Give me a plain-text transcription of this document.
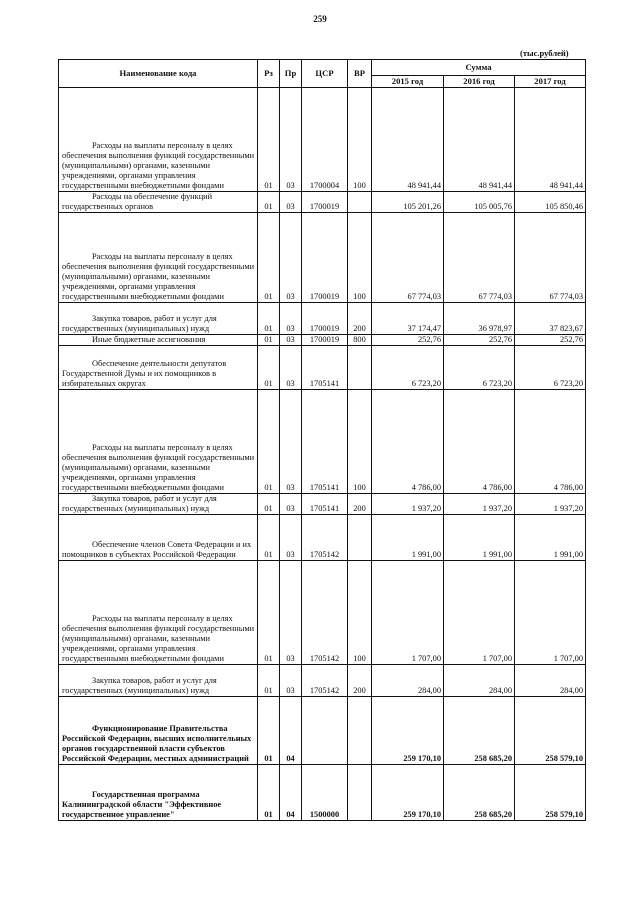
259
(тыс.рублей)
Наименование кода	Рз	Пр	ЦСР	ВР	Сумма		
					2015 год	2016 год	2017 год
Расходы на выплаты персоналу в целях обеспечения выполнения функций государственными (муниципальными) органами, казенными учреждениями, органами управления государственными внебюджетными фондами	01	03	1700004	100	48 941,44	48 941,44	48 941,44
Расходы на обеспечение функций государственных органов	01	03	1700019		105 201,26	105 005,76	105 850,46
Расходы на выплаты персоналу в целях обеспечения выполнения функций государственными (муниципальными) органами, казенными учреждениями, органами управления государственными внебюджетными фондами	01	03	1700019	100	67 774,03	67 774,03	67 774,03
Закупка товаров, работ и услуг для государственных (муниципальных) нужд	01	03	1700019	200	37 174,47	36 978,97	37 823,67
Иные бюджетные ассигнования	01	03	1700019	800	252,76	252,76	252,76
Обеспечение деятельности депутатов Государственной Думы и их помощников в избирательных округах	01	03	1705141		6 723,20	6 723,20	6 723,20
Расходы на выплаты персоналу в целях обеспечения выполнения функций государственными (муниципальными) органами, казенными учреждениями, органами управления государственными внебюджетными фондами	01	03	1705141	100	4 786,00	4 786,00	4 786,00
Закупка товаров, работ и услуг для государственных (муниципальных) нужд	01	03	1705141	200	1 937,20	1 937,20	1 937,20
Обеспечение членов Совета Федерации и их помощников в субъектах Российской Федерации	01	03	1705142		1 991,00	1 991,00	1 991,00
Расходы на выплаты персоналу в целях обеспечения выполнения функций государственными (муниципальными) органами, казенными учреждениями, органами управления государственными внебюджетными фондами	01	03	1705142	100	1 707,00	1 707,00	1 707,00
Закупка товаров, работ и услуг для государственных (муниципальных) нужд	01	03	1705142	200	284,00	284,00	284,00
Функционирование Правительства Российской Федерации, высших исполнительных органов государственной власти субъектов Российской Федерации, местных администраций	01	04			259 170,10	258 685,20	258 579,10
Государственная программа Калининградской области "Эффективное государственное управление"	01	04	1500000		259 170,10	258 685,20	258 579,10
